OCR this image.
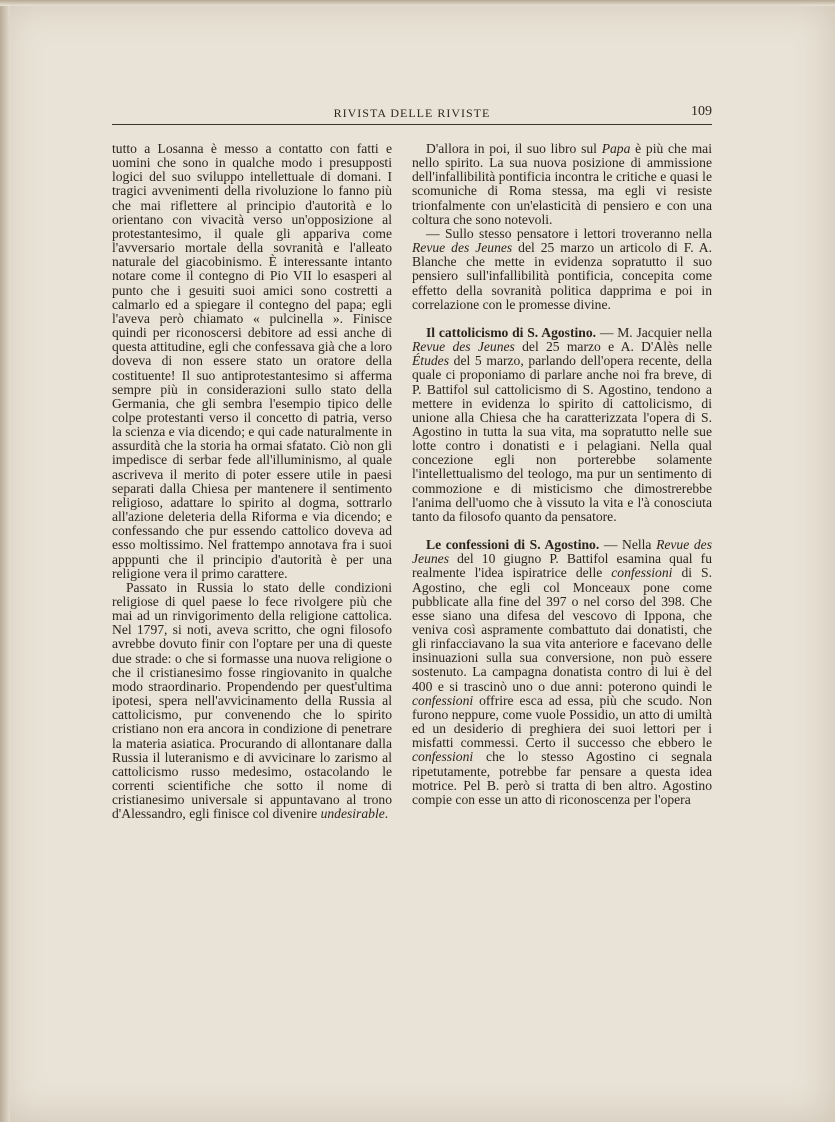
RIVISTA DELLE RIVISTE	109

tutto a Losanna è messo a contatto con fatti e uomini che sono in qualche modo i presupposti logici del suo sviluppo intellettuale di domani. I tragici avvenimenti della rivoluzione lo fanno più che mai riflettere al principio d'autorità e lo orientano con vivacità verso un'opposizione al protestantesimo, il quale gli appariva come l'avversario mortale della sovranità e l'alleato naturale del giacobinismo. È interessante intanto notare come il contegno di Pio VII lo esasperi al punto che i gesuiti suoi amici sono costretti a calmarlo ed a spiegare il contegno del papa; egli l'aveva però chiamato « pulcinella ». Finisce quindi per riconoscersi debitore ad essi anche di questa attitudine, egli che confessava già che a loro doveva di non essere stato un oratore della costituente! Il suo antiprotestantesimo si afferma sempre più in considerazioni sullo stato della Germania, che gli sembra l'esempio tipico delle colpe protestanti verso il concetto di patria, verso la scienza e via dicendo; e qui cade naturalmente in assurdità che la storia ha ormai sfatato. Ciò non gli impedisce di serbar fede all'illuminismo, al quale ascriveva il merito di poter essere utile in paesi separati dalla Chiesa per mantenere il sentimento religioso, adattare lo spirito al dogma, sottrarlo all'azione deleteria della Riforma e via dicendo; e confessando che pur essendo cattolico doveva ad esso moltissimo. Nel frattempo annotava fra i suoi apppunti che il principio d'autorità è per una religione vera il primo carattere.

Passato in Russia lo stato delle condizioni religiose di quel paese lo fece rivolgere più che mai ad un rinvigorimento della religione cattolica. Nel 1797, si noti, aveva scritto, che ogni filosofo avrebbe dovuto finir con l'optare per una di queste due strade: o che si formasse una nuova religione o che il cristianesimo fosse ringiovanito in qualche modo straordinario. Propendendo per quest'ultima ipotesi, spera nell'avvicinamento della Russia al cattolicismo, pur convenendo che lo spirito cristiano non era ancora in condizione di penetrare la materia asiatica. Procurando di allontanare dalla Russia il luteranismo e di avvicinare lo zarismo al cattolicismo russo medesimo, ostacolando le correnti scientifiche che sotto il nome di cristianesimo universale si appuntavano al trono d'Alessandro, egli finisce col divenire undesirable.

D'allora in poi, il suo libro sul Papa è più che mai nello spirito. La sua nuova posizione di ammissione dell'infallibilità pontificia incontra le critiche e quasi le scomuniche di Roma stessa, ma egli vi resiste trionfalmente con un'elasticità di pensiero e con una coltura che sono notevoli.

— Sullo stesso pensatore i lettori troveranno nella Revue des Jeunes del 25 marzo un articolo di F. A. Blanche che mette in evidenza sopratutto il suo pensiero sull'infallibilità pontificia, concepita come effetto della sovranità politica dapprima e poi in correlazione con le promesse divine.

Il cattolicismo di S. Agostino. — M. Jacquier nella Revue des Jeunes del 25 marzo e A. D'Alès nelle Études del 5 marzo, parlando dell'opera recente, della quale ci proponiamo di parlare anche noi fra breve, di P. Battifol sul cattolicismo di S. Agostino, tendono a mettere in evidenza lo spirito di cattolicismo, di unione alla Chiesa che ha caratterizzata l'opera di S. Agostino in tutta la sua vita, ma sopratutto nelle sue lotte contro i donatisti e i pelagiani. Nella qual concezione egli non porterebbe solamente l'intellettualismo del teologo, ma pur un sentimento di commozione e di misticismo che dimostrerebbe l'anima dell'uomo che à vissuto la vita e l'à conosciuta tanto da filosofo quanto da pensatore.

Le confessioni di S. Agostino. — Nella Revue des Jeunes del 10 giugno P. Battifol esamina qual fu realmente l'idea ispiratrice delle confessioni di S. Agostino, che egli col Monceaux pone come pubblicate alla fine del 397 o nel corso del 398. Che esse siano una difesa del vescovo di Ippona, che veniva così aspramente combattuto dai donatisti, che gli rinfacciavano la sua vita anteriore e facevano delle insinuazioni sulla sua conversione, non può essere sostenuto. La campagna donatista contro di lui è del 400 e si trascinò uno o due anni: poterono quindi le confessioni offrire esca ad essa, più che scudo. Non furono neppure, come vuole Possidio, un atto di umiltà ed un desiderio di preghiera dei suoi lettori per i misfatti commessi. Certo il successo che ebbero le confessioni che lo stesso Agostino ci segnala ripetutamente, potrebbe far pensare a questa idea motrice. Pel B. però si tratta di ben altro. Agostino compie con esse un atto di riconoscenza per l'opera
